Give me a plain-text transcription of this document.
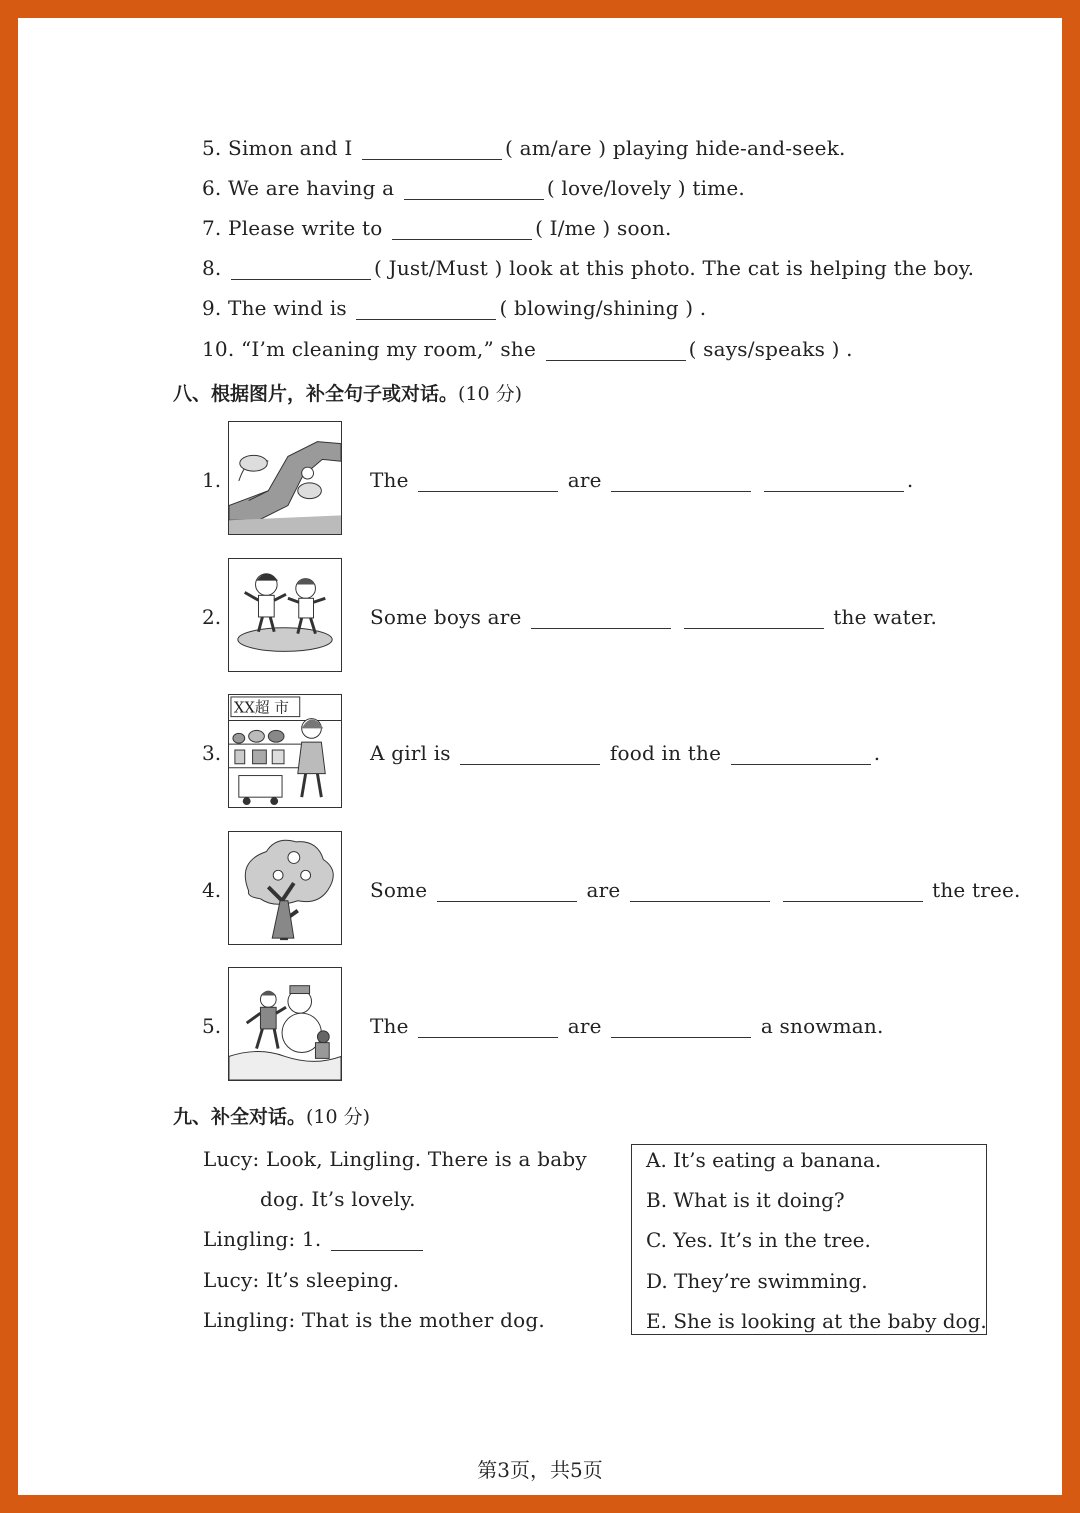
5. Simon and I	( am/are ) playing hide-and-seek.
6. We are having a	( love/lovely ) time.
7. Please write to	( I/me ) soon.
8.	( Just/Must ) look at this photo. The cat is helping the boy.
9. The wind is	( blowing/shining ) .
10. “I’m cleaning my room,” she	( says/speaks ) .
八、根据图片，补全句子或对话。(10 分)
1.	The	are	.
2.	Some boys are	the water.
3.
XX超 市
A girl is	food in the	.
4.	Some	are	the tree.
5.	The	are	a snowman.
九、补全对话。(10 分)
Lucy: Look, Lingling. There is a baby
dog. It’s lovely.
Lingling: 1.
Lucy: It’s sleeping.
Lingling: That is the mother dog.
A. It’s eating a banana.
B. What is it doing?
C. Yes. It’s in the tree.
D. They’re swimming.
E. She is looking at the baby dog.
第3页，共5页
